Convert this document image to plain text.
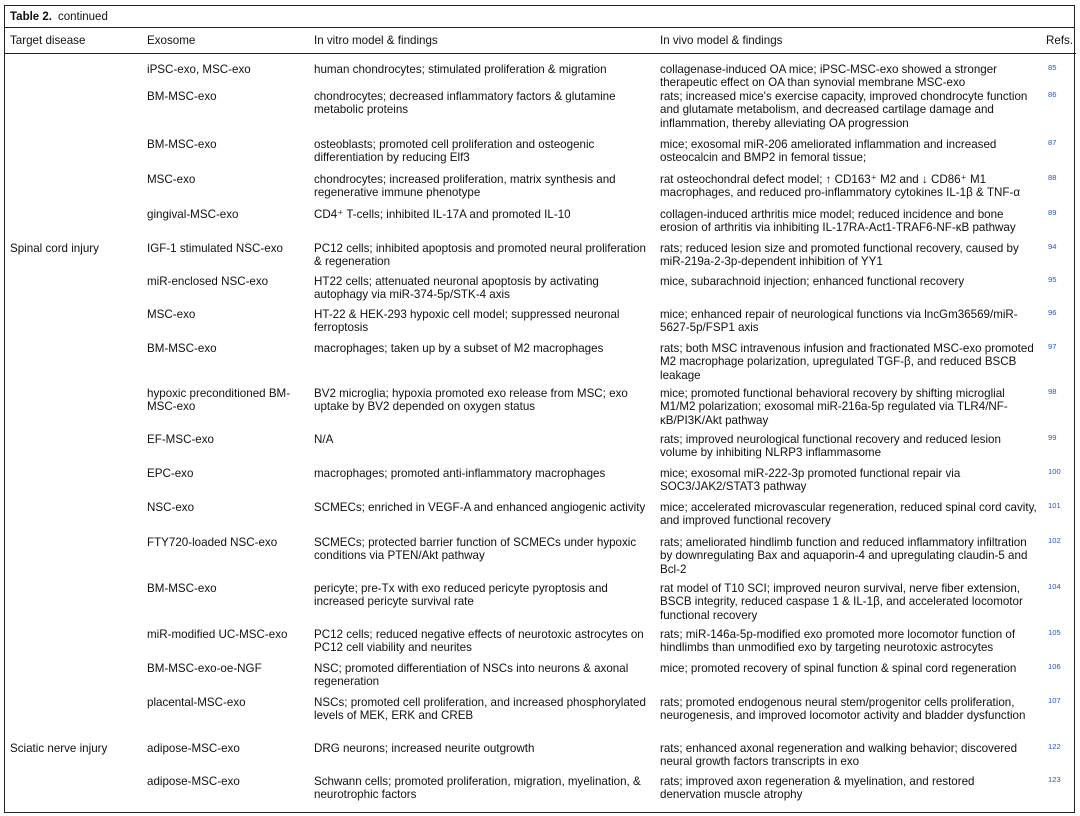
Table 2. continued
Target disease	Exosome	In vitro model & findings	In vivo model & findings	Refs.
	iPSC-exo, MSC-exo	human chondrocytes; stimulated proliferation & migration	collagenase-induced OA mice; iPSC-MSC-exo showed a stronger therapeutic effect on OA than synovial membrane MSC-exo	85
	BM-MSC-exo	chondrocytes; decreased inflammatory factors & glutamine metabolic proteins	rats; increased mice's exercise capacity, improved chondrocyte function and glutamate metabolism, and decreased cartilage damage and inflammation, thereby alleviating OA progression	86
	BM-MSC-exo	osteoblasts; promoted cell proliferation and osteogenic differentiation by reducing Elf3	mice; exosomal miR-206 ameliorated inflammation and increased osteocalcin and BMP2 in femoral tissue;	87
	MSC-exo	chondrocytes; increased proliferation, matrix synthesis and regenerative immune phenotype	rat osteochondral defect model; ↑ CD163⁺ M2 and ↓ CD86⁺ M1 macrophages, and reduced pro-inflammatory cytokines IL-1β & TNF-α	88
	gingival-MSC-exo	CD4⁺ T-cells; inhibited IL-17A and promoted IL-10	collagen-induced arthritis mice model; reduced incidence and bone erosion of arthritis via inhibiting IL-17RA-Act1-TRAF6-NF-κB pathway	89
Spinal cord injury	IGF-1 stimulated NSC-exo	PC12 cells; inhibited apoptosis and promoted neural proliferation & regeneration	rats; reduced lesion size and promoted functional recovery, caused by miR-219a-2-3p-dependent inhibition of YY1	94
	miR-enclosed NSC-exo	HT22 cells; attenuated neuronal apoptosis by activating autophagy via miR-374-5p/STK-4 axis	mice, subarachnoid injection; enhanced functional recovery	95
	MSC-exo	HT-22 & HEK-293 hypoxic cell model; suppressed neuronal ferroptosis	mice; enhanced repair of neurological functions via lncGm36569/miR-5627-5p/FSP1 axis	96
	BM-MSC-exo	macrophages; taken up by a subset of M2 macrophages	rats; both MSC intravenous infusion and fractionated MSC-exo promoted M2 macrophage polarization, upregulated TGF-β, and reduced BSCB leakage	97
	hypoxic preconditioned BM-MSC-exo	BV2 microglia; hypoxia promoted exo release from MSC; exo uptake by BV2 depended on oxygen status	mice; promoted functional behavioral recovery by shifting microglial M1/M2 polarization; exosomal miR-216a-5p regulated via TLR4/NF-κB/PI3K/Akt pathway	98
	EF-MSC-exo	N/A	rats; improved neurological functional recovery and reduced lesion volume by inhibiting NLRP3 inflammasome	99
	EPC-exo	macrophages; promoted anti-inflammatory macrophages	mice; exosomal miR-222-3p promoted functional repair via SOC3/JAK2/STAT3 pathway	100
	NSC-exo	SCMECs; enriched in VEGF-A and enhanced angiogenic activity	mice; accelerated microvascular regeneration, reduced spinal cord cavity, and improved functional recovery	101
	FTY720-loaded NSC-exo	SCMECs; protected barrier function of SCMECs under hypoxic conditions via PTEN/Akt pathway	rats; ameliorated hindlimb function and reduced inflammatory infiltration by downregulating Bax and aquaporin-4 and upregulating claudin-5 and Bcl-2	102
	BM-MSC-exo	pericyte; pre-Tx with exo reduced pericyte pyroptosis and increased pericyte survival rate	rat model of T10 SCI; improved neuron survival, nerve fiber extension, BSCB integrity, reduced caspase 1 & IL-1β, and accelerated locomotor functional recovery	104
	miR-modified UC-MSC-exo	PC12 cells; reduced negative effects of neurotoxic astrocytes on PC12 cell viability and neurites	rats; miR-146a-5p-modified exo promoted more locomotor function of hindlimbs than unmodified exo by targeting neurotoxic astrocytes	105
	BM-MSC-exo-oe-NGF	NSC; promoted differentiation of NSCs into neurons & axonal regeneration	mice; promoted recovery of spinal function & spinal cord regeneration	106
	placental-MSC-exo	NSCs; promoted cell proliferation, and increased phosphorylated levels of MEK, ERK and CREB	rats; promoted endogenous neural stem/progenitor cells proliferation, neurogenesis, and improved locomotor activity and bladder dysfunction	107
Sciatic nerve injury	adipose-MSC-exo	DRG neurons; increased neurite outgrowth	rats; enhanced axonal regeneration and walking behavior; discovered neural growth factors transcripts in exo	122
	adipose-MSC-exo	Schwann cells; promoted proliferation, migration, myelination, & neurotrophic factors	rats; improved axon regeneration & myelination, and restored denervation muscle atrophy	123
